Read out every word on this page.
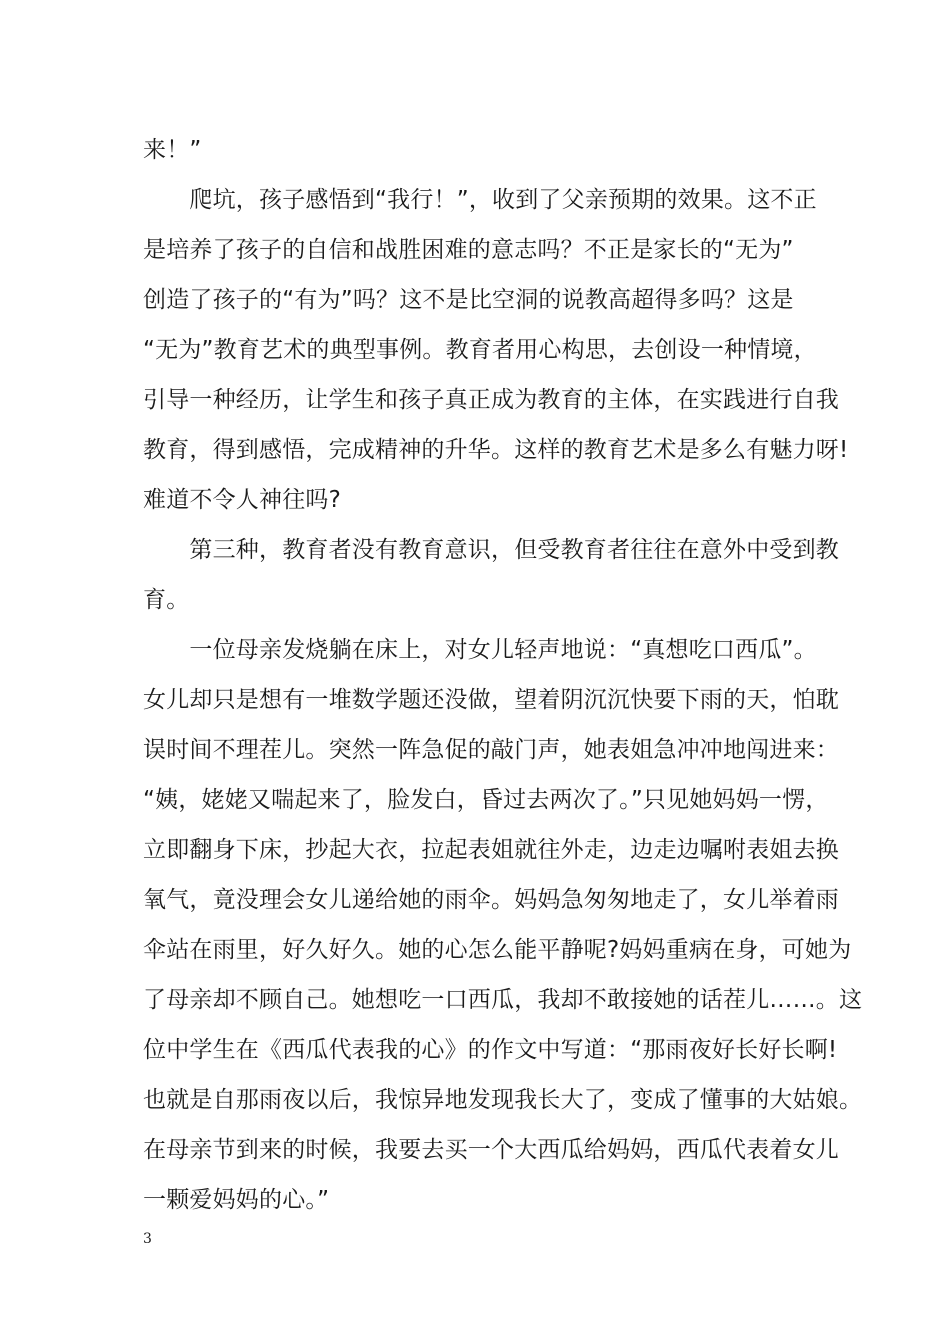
来！”
　　爬坑，孩子感悟到“我行！”，收到了父亲预期的效果。这不正
是培养了孩子的自信和战胜困难的意志吗？不正是家长的“无为”
创造了孩子的“有为”吗？这不是比空洞的说教高超得多吗？这是
“无为”教育艺术的典型事例。教育者用心构思，去创设一种情境，
引导一种经历，让学生和孩子真正成为教育的主体，在实践进行自我
教育，得到感悟，完成精神的升华。这样的教育艺术是多么有魅力呀!
难道不令人神往吗?
　　第三种，教育者没有教育意识，但受教育者往往在意外中受到教
育。
　　一位母亲发烧躺在床上，对女儿轻声地说：“真想吃口西瓜”。
女儿却只是想有一堆数学题还没做，望着阴沉沉快要下雨的天，怕耽
误时间不理茬儿。突然一阵急促的敲门声，她表姐急冲冲地闯进来：
“姨，姥姥又喘起来了，脸发白，昏过去两次了。”只见她妈妈一愣，
立即翻身下床，抄起大衣，拉起表姐就往外走，边走边嘱咐表姐去换
氧气，竟没理会女儿递给她的雨伞。妈妈急匆匆地走了，女儿举着雨
伞站在雨里，好久好久。她的心怎么能平静呢?妈妈重病在身，可她为
了母亲却不顾自己。她想吃一口西瓜，我却不敢接她的话茬儿……。这
位中学生在《西瓜代表我的心》的作文中写道：“那雨夜好长好长啊!
也就是自那雨夜以后，我惊异地发现我长大了，变成了懂事的大姑娘。
在母亲节到来的时候，我要去买一个大西瓜给妈妈，西瓜代表着女儿
一颗爱妈妈的心。”
3
